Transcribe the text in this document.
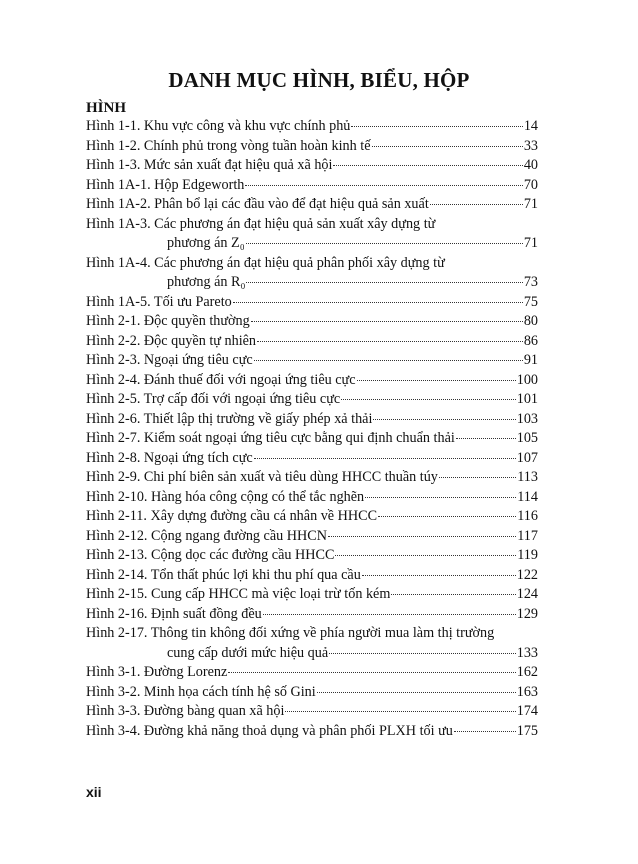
DANH MỤC HÌNH, BIỂU, HỘP
HÌNH
Hình 1-1. Khu vực công và khu vực chính phủ	14
Hình 1-2. Chính phủ trong vòng tuần hoàn kinh tế	33
Hình 1-3. Mức sản xuất đạt hiệu quả xã hội	40
Hình 1A-1. Hộp Edgeworth	70
Hình 1A-2. Phân bổ lại các đầu vào để đạt hiệu quả sản xuất	71
Hình 1A-3. Các phương án đạt hiệu quả sản xuất xây dựng từ
phương án Z₀	71
Hình 1A-4. Các phương án đạt hiệu quả phân phối xây dựng từ
phương án R₀	73
Hình 1A-5. Tối ưu Pareto	75
Hình 2-1. Độc quyền thường	80
Hình 2-2. Độc quyền tự nhiên	86
Hình 2-3. Ngoại ứng tiêu cực	91
Hình 2-4. Đánh thuế đối với ngoại ứng tiêu cực	100
Hình 2-5. Trợ cấp đối với ngoại ứng tiêu cực	101
Hình 2-6. Thiết lập thị trường về giấy phép xả thải	103
Hình 2-7. Kiểm soát ngoại ứng tiêu cực bằng qui định chuẩn thải	105
Hình 2-8. Ngoại ứng tích cực	107
Hình 2-9. Chi phí biên sản xuất và tiêu dùng HHCC thuần túy	113
Hình 2-10. Hàng hóa công cộng có thể tắc nghẽn	114
Hình 2-11. Xây dựng đường cầu cá nhân về HHCC	116
Hình 2-12. Cộng ngang đường cầu HHCN	117
Hình 2-13. Cộng dọc các đường cầu HHCC	119
Hình 2-14. Tổn thất phúc lợi khi thu phí qua cầu	122
Hình 2-15. Cung cấp HHCC mà việc loại trừ tốn kém	124
Hình 2-16. Định suất đồng đều	129
Hình 2-17. Thông tin không đối xứng về phía người mua làm thị trường
cung cấp dưới mức hiệu quả	133
Hình 3-1. Đường Lorenz	162
Hình 3-2. Minh họa cách tính hệ số Gini	163
Hình 3-3. Đường bàng quan xã hội	174
Hình 3-4. Đường khả năng thoả dụng và phân phối PLXH tối ưu	175
xii
